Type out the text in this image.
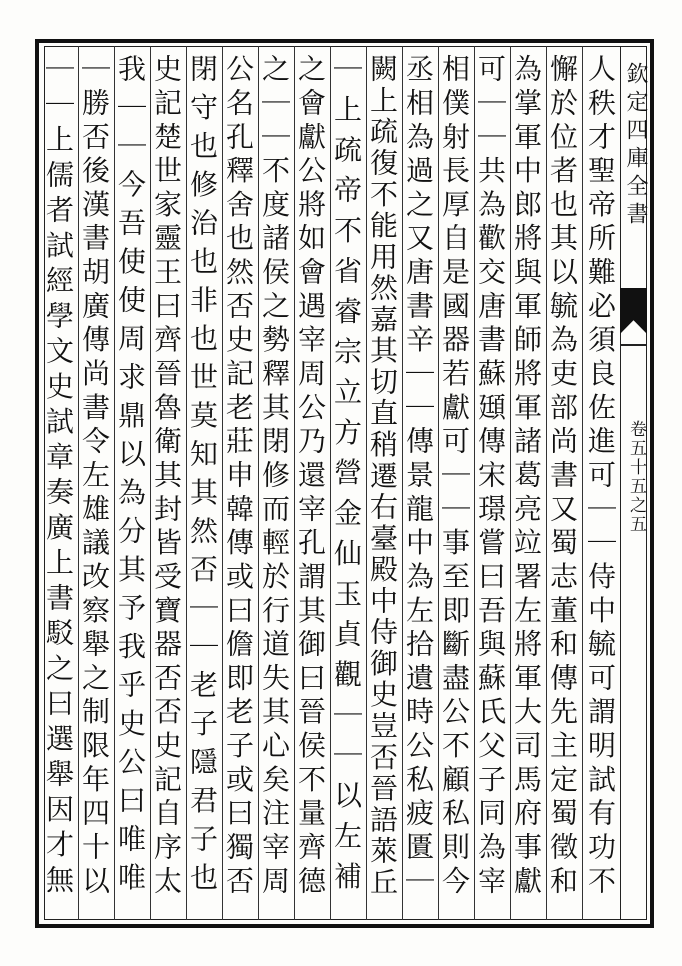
欽定四庫全書
卷五十五之五
人秩才聖帝所難必須良佐進可｜｜侍中毓可謂明試有功不
懈於位者也其以毓為吏部尚書又蜀志董和傳先主定蜀徵和
為掌軍中郎將與軍師將軍諸葛亮竝署左將軍大司馬府事獻
可｜｜共為歡交唐書蘇頲傳宋璟嘗曰吾與蘇氏父子同為宰
相僕射長厚自是國器若獻可｜｜事至即斷盡公不顧私則今
丞相為過之又唐書辛｜｜傳景龍中為左拾遺時公私疲匱｜
闕上疏復不能用然嘉其切直稍遷右臺殿中侍御史豈否晉語萊丘
｜上疏帝不省睿宗立方營金仙玉貞觀｜｜以左補
之會獻公將如會遇宰周公乃還宰孔謂其御曰晉侯不量齊德
之｜｜不度諸侯之勢釋其閉修而輕於行道失其心矣注宰周
公名孔釋舍也然否史記老莊申韓傳或曰儋即老子或曰獨否
閉守也修治也非也世莫知其然否｜｜老子隱君子也
史記楚世家靈王曰齊晉魯衛其封皆受寶器否否史記自序太
我｜｜今吾使使周求鼎以為分其予我乎史公曰唯唯
｜勝否後漢書胡廣傳尚書令左雄議改察舉之制限年四十以
｜｜上儒者試經學文史試章奏廣上書駁之曰選舉因才無
